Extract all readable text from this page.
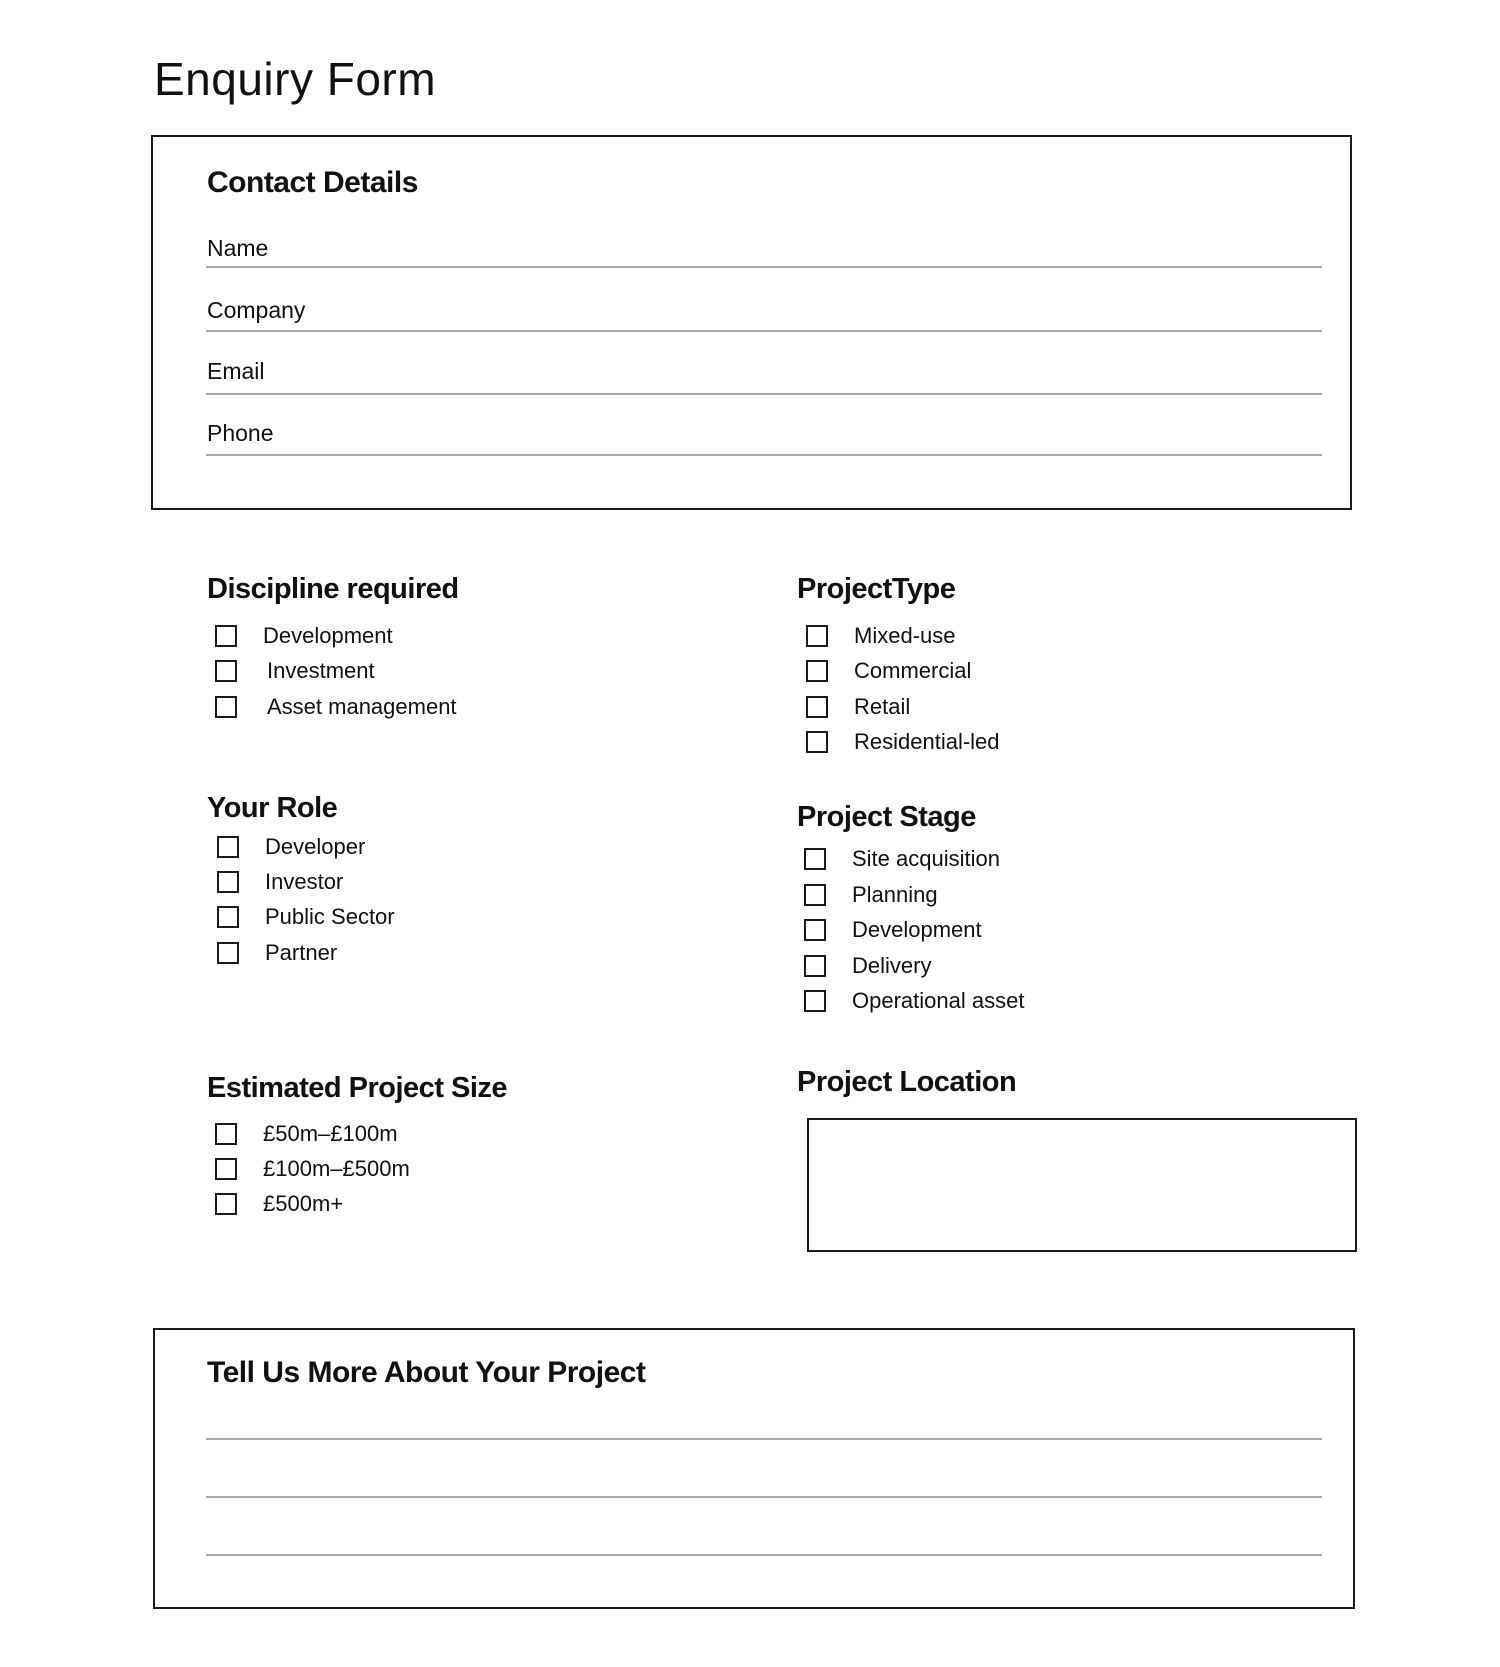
Enquiry Form
Contact Details
Name
Company
Email
Phone
Discipline required
Development
Investment
Asset management
ProjectType
Mixed-use
Commercial
Retail
Residential-led
Your Role
Developer
Investor
Public Sector
Partner
Project Stage
Site acquisition
Planning
Development
Delivery
Operational asset
Estimated Project Size
£50m–£100m
£100m–£500m
£500m+
Project Location
Tell Us More About Your Project
